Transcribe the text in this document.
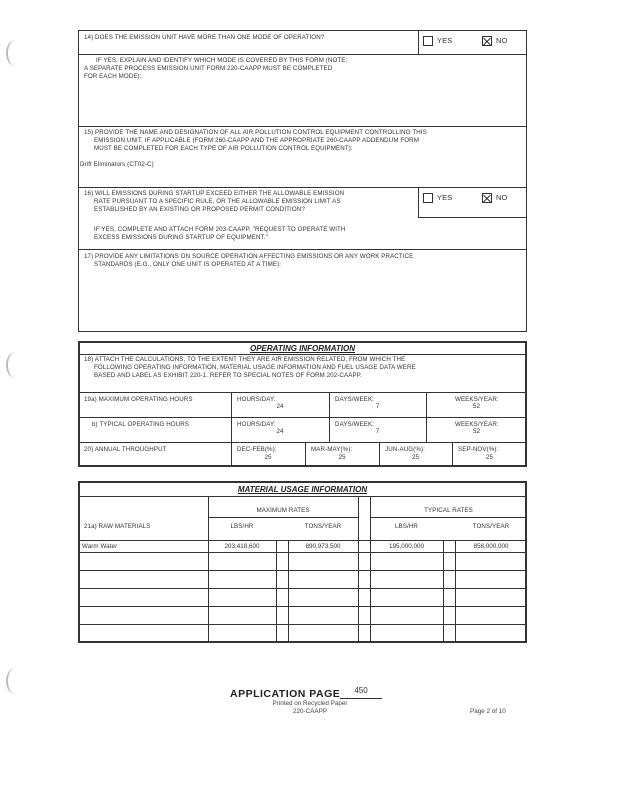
14) DOES THE EMISSION UNIT HAVE MORE THAN ONE MODE OF OPERATION?	YES	NO
IF YES, EXPLAIN AND IDENTIFY WHICH MODE IS COVERED BY THIS FORM (NOTE:
A SEPARATE PROCESS EMISSION UNIT FORM 220-CAAPP MUST BE COMPLETED
FOR EACH MODE):
15) PROVIDE THE NAME AND DESIGNATION OF ALL AIR POLLUTION CONTROL EQUIPMENT CONTROLLING THIS
EMISSION UNIT, IF APPLICABLE (FORM 260-CAAPP AND THE APPROPRIATE 260-CAAPP ADDENDUM FORM
MUST BE COMPLETED FOR EACH TYPE OF AIR POLLUTION CONTROL EQUIPMENT):
Drift Eliminators (CT02-C)
16) WILL EMISSIONS DURING STARTUP EXCEED EITHER THE ALLOWABLE EMISSION
RATE PURSUANT TO A SPECIFIC RULE, OR THE ALLOWABLE EMISSION LIMIT AS
ESTABLISHED BY AN EXISTING OR PROPOSED PERMIT CONDITION?
YES	NO
IF YES, COMPLETE AND ATTACH FORM 203-CAAPP, "REQUEST TO OPERATE WITH
EXCESS EMISSIONS DURING STARTUP OF EQUIPMENT."
17) PROVIDE ANY LIMITATIONS ON SOURCE OPERATION AFFECTING EMISSIONS OR ANY WORK PRACTICE
STANDARDS (E.G., ONLY ONE UNIT IS OPERATED AT A TIME):
OPERATING INFORMATION
18) ATTACH THE CALCULATIONS, TO THE EXTENT THEY ARE AIR EMISSION RELATED, FROM WHICH THE
FOLLOWING OPERATING INFORMATION, MATERIAL USAGE INFORMATION AND FUEL USAGE DATA WERE
BASED AND LABEL AS EXHIBIT 220-1. REFER TO SPECIAL NOTES OF FORM 202-CAAPP.
19a) MAXIMUM OPERATING HOURS	HOURS/DAY:
24
DAYS/WEEK:
7
WEEKS/YEAR:
52
b) TYPICAL OPERATING HOURS	HOURS/DAY:
24
DAYS/WEEK:
7
WEEKS/YEAR:
52
20) ANNUAL THROUGHPUT	DEC-FEB(%):
25
MAR-MAY(%):
25
JUN-AUG(%):
25
SEP-NOV(%):
25
MATERIAL USAGE INFORMATION
MAXIMUM RATES	TYPICAL RATES
21a) RAW MATERIALS	LBS/HR	TONS/YEAR	LBS/HR	TONS/YEAR
Warm Water	203,418,600	890,973,500	195,000,000	858,000,000
APPLICATION PAGE	450
Printed on Recycled Paper
220-CAAPP	Page 2 of 10
